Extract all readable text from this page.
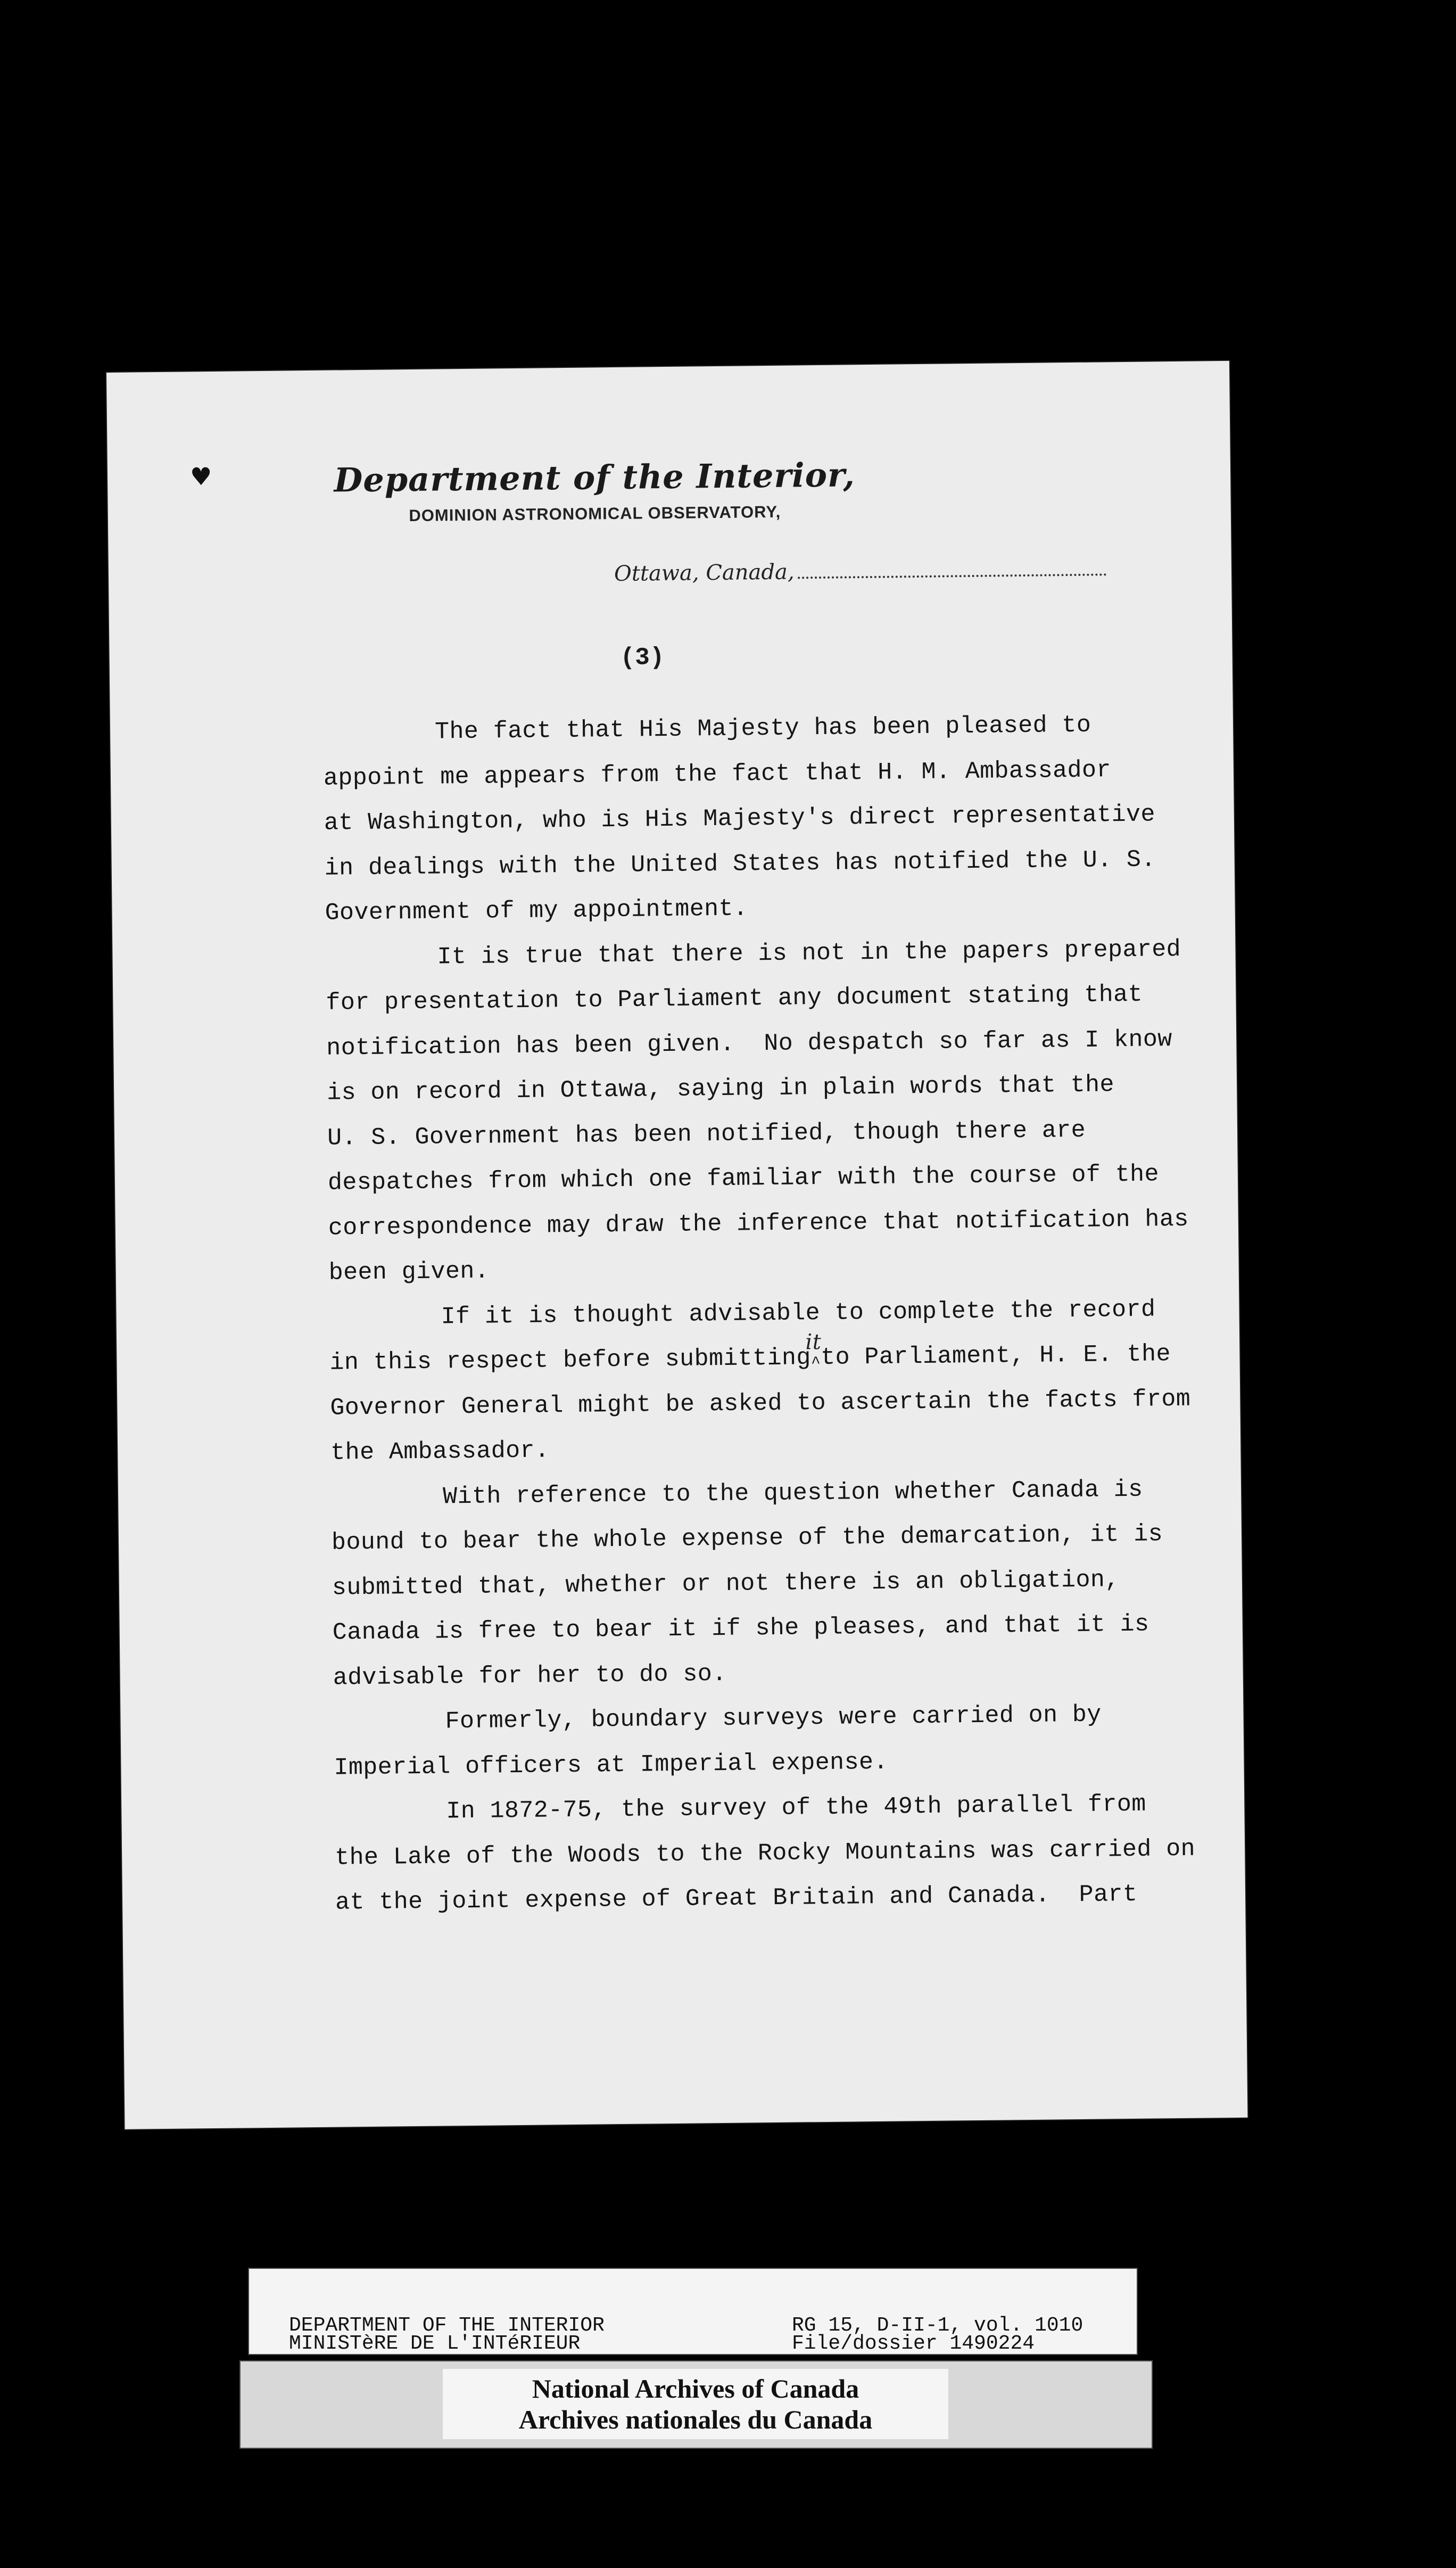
♥	Department of the Interior,
DOMINION ASTRONOMICAL OBSERVATORY,
Ottawa, Canada,
(3)
The fact that His Majesty has been pleased to
appoint me appears from the fact that H. M. Ambassador
at Washington, who is His Majesty's direct representative
in dealings with the United States has notified the U. S.
Government of my appointment.
It is true that there is not in the papers prepared
for presentation to Parliament any document stating that
notification has been given.  No despatch so far as I know
is on record in Ottawa, saying in plain words that the
U. S. Government has been notified, though there are
despatches from which one familiar with the course of the
correspondence may draw the inference that notification has
been given.
If it is thought advisable to complete the record
in this respect before submitting
it
^to Parliament, H. E. the
Governor General might be asked to ascertain the facts from
the Ambassador.
With reference to the question whether Canada is
bound to bear the whole expense of the demarcation, it is
submitted that, whether or not there is an obligation,
Canada is free to bear it if she pleases, and that it is
advisable for her to do so.
Formerly, boundary surveys were carried on by
Imperial officers at Imperial expense.
In 1872-75, the survey of the 49th parallel from
the Lake of the Woods to the Rocky Mountains was carried on
at the joint expense of Great Britain and Canada.  Part
DEPARTMENT OF THE INTERIOR
MINISTèRE DE L'INTéRIEUR
RG 15, D-II-1, vol. 1010
File/dossier 1490224
National Archives of Canada
Archives nationales du Canada
